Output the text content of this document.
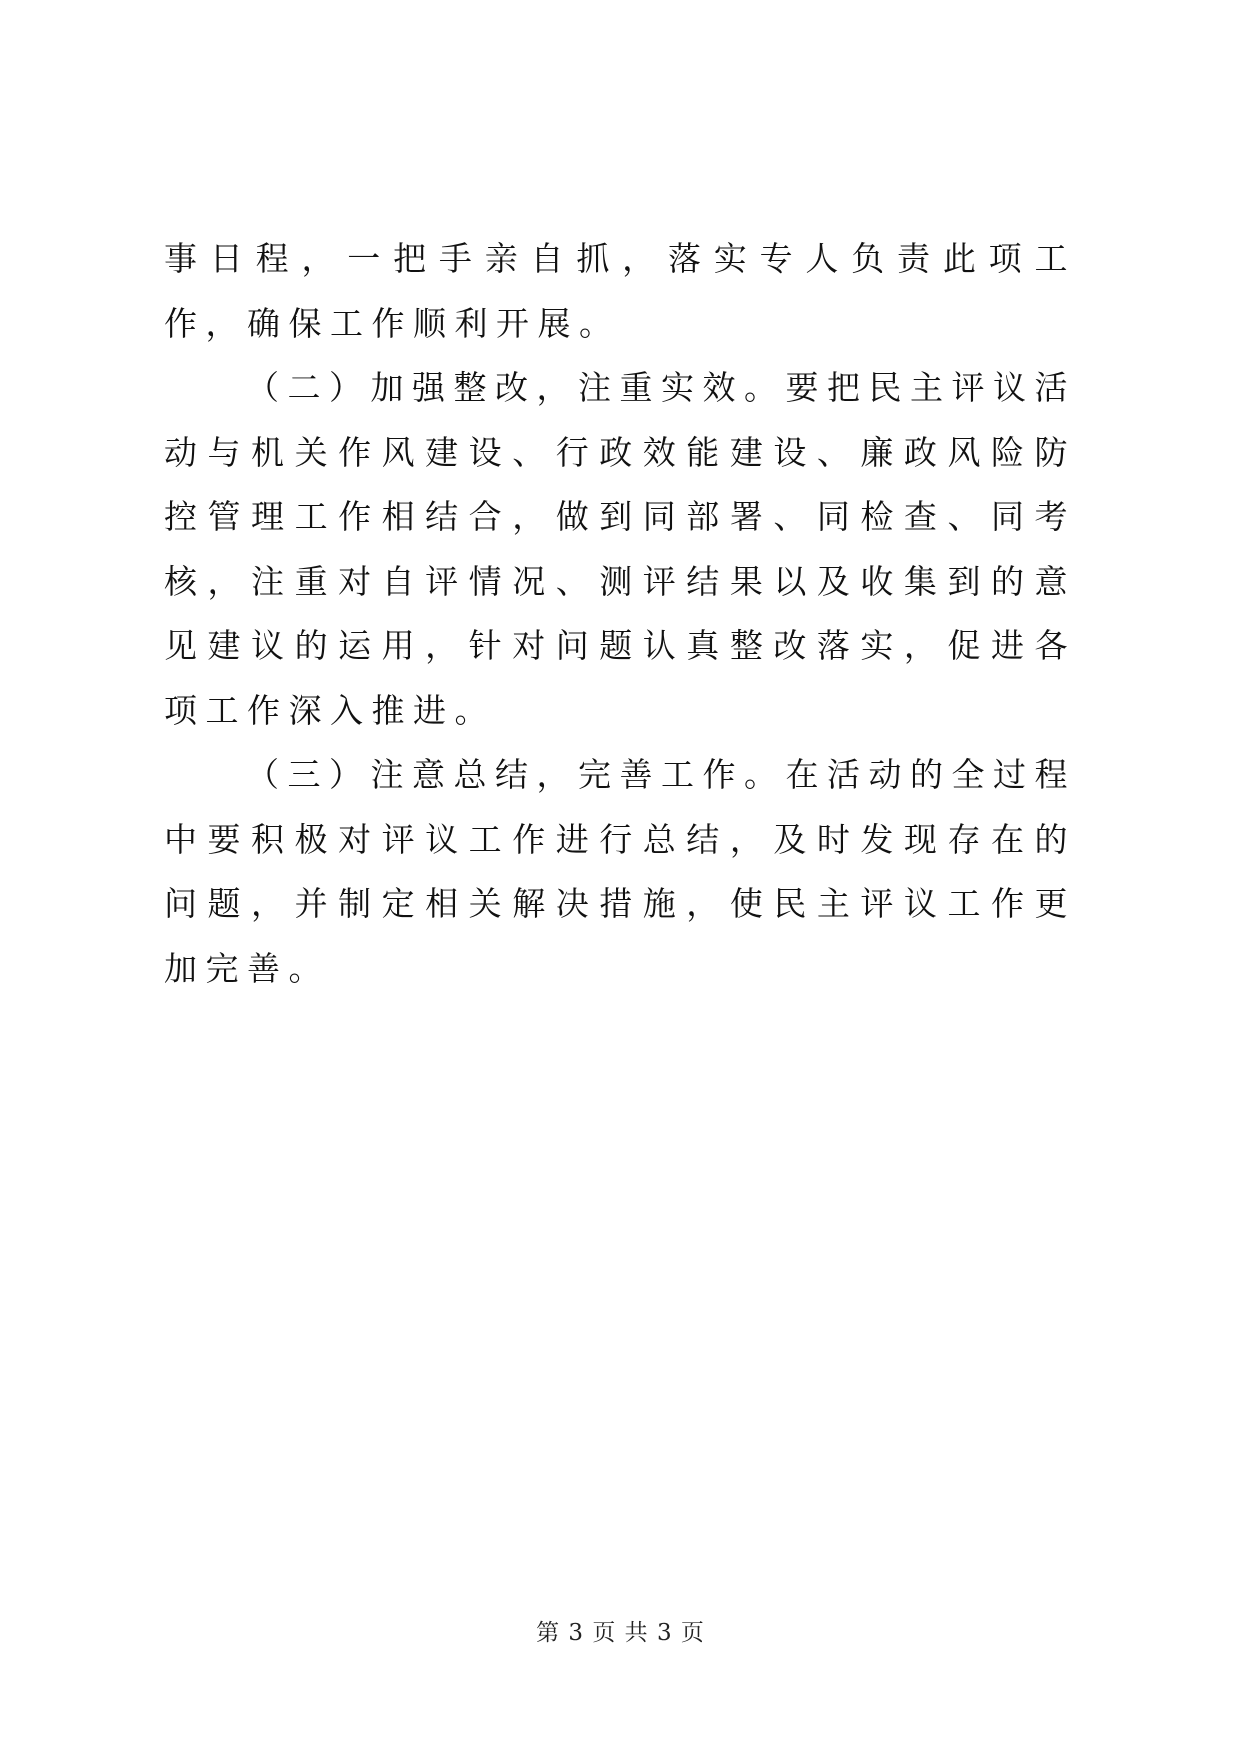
事日程，一把手亲自抓，落实专人负责此项工作，确保工作顺利开展。

（二）加强整改，注重实效。要把民主评议活动与机关作风建设、行政效能建设、廉政风险防控管理工作相结合，做到同部署、同检查、同考核，注重对自评情况、测评结果以及收集到的意见建议的运用，针对问题认真整改落实，促进各项工作深入推进。

（三）注意总结，完善工作。在活动的全过程中要积极对评议工作进行总结，及时发现存在的问题，并制定相关解决措施，使民主评议工作更加完善。

第 3 页 共 3 页
